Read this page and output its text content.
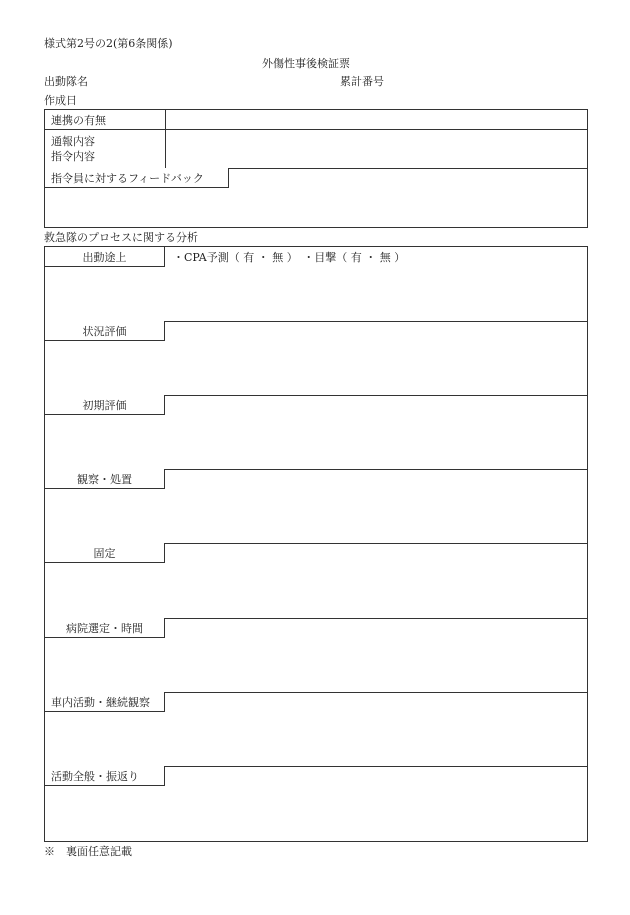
様式第2号の2(第6条関係)
外傷性事後検証票
出動隊名	累計番号
作成日
連携の有無
通報内容
指令内容
指令員に対するフィードバック
救急隊のプロセスに関する分析
出動途上	・CPA予測（ 有 ・ 無 ）　・目撃（ 有 ・ 無 ）
状況評価
初期評価
観察・処置
固定
病院選定・時間
車内活動・継続観察
活動全般・振返り
※　裏面任意記載
